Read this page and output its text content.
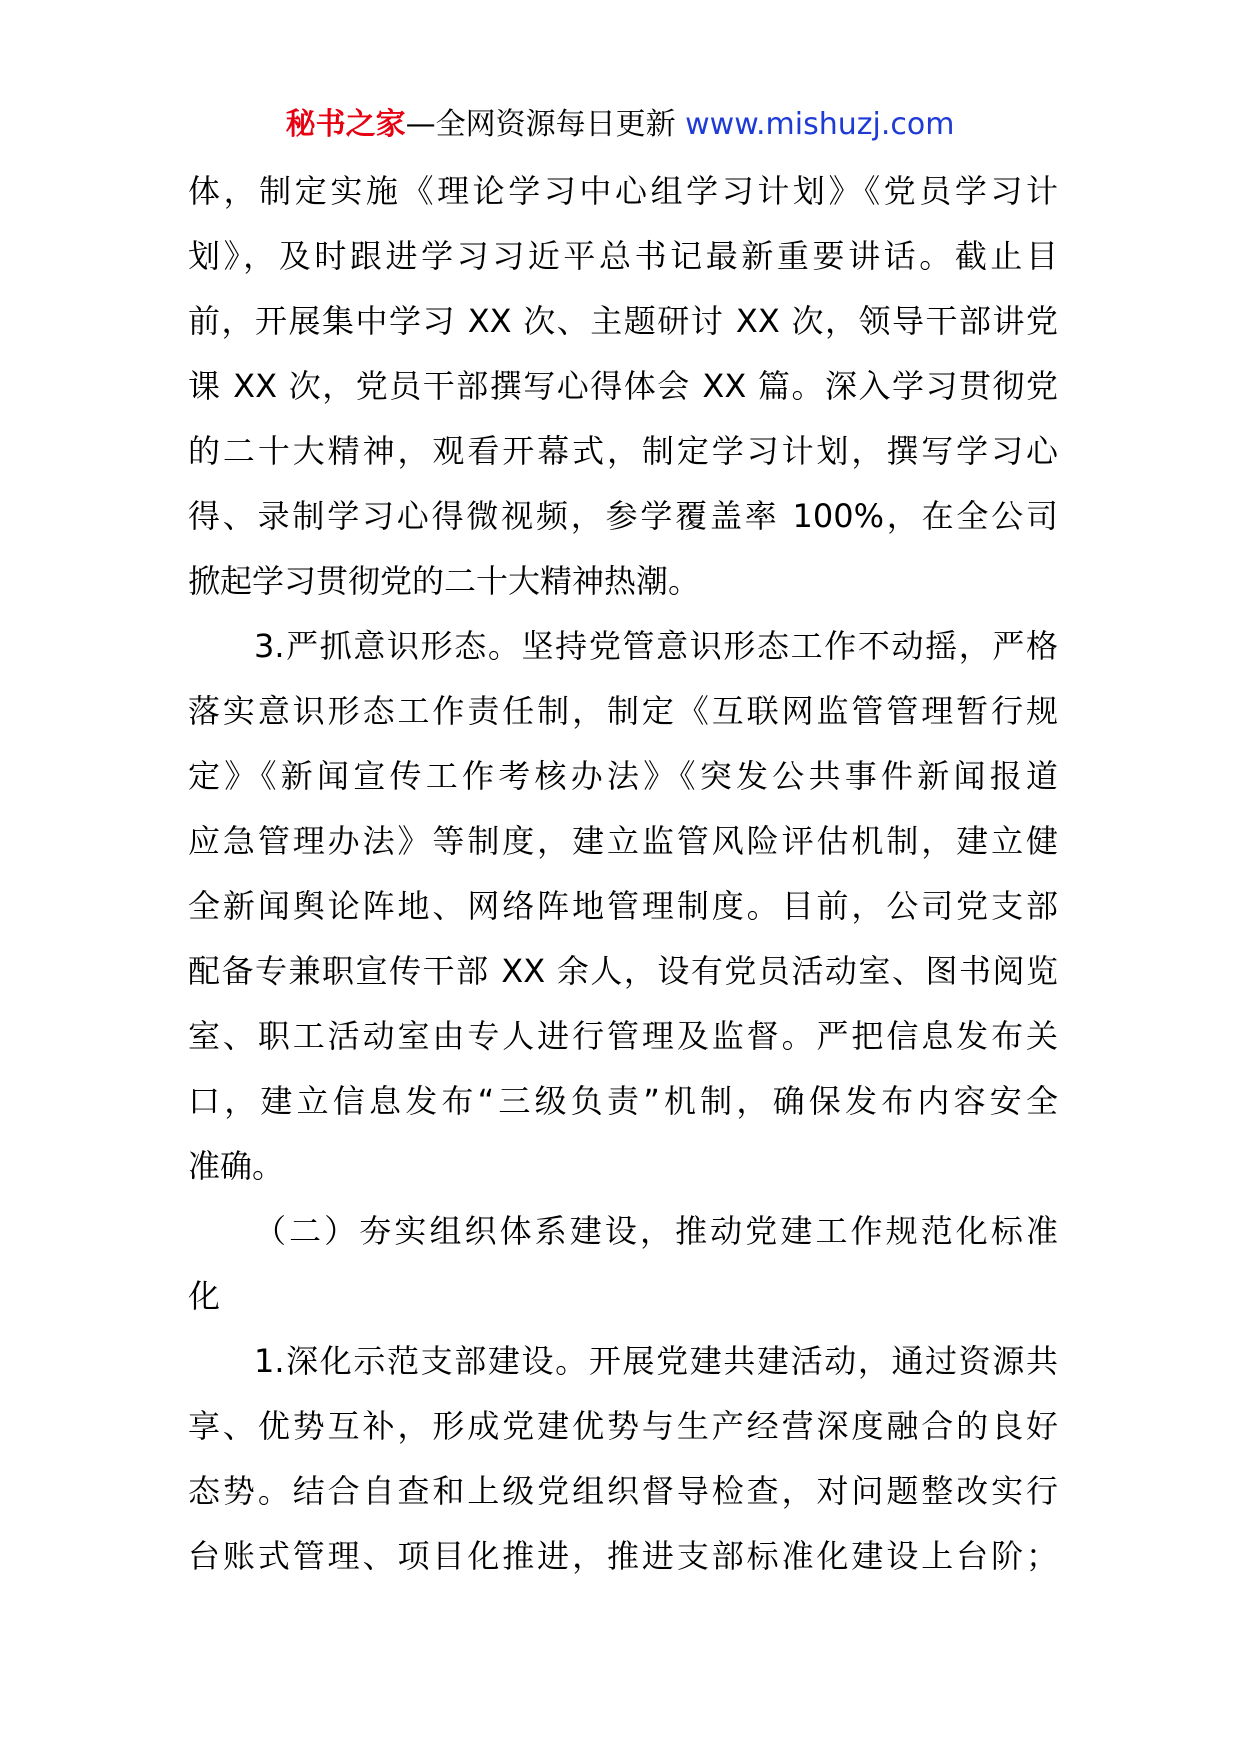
秘书之家—全网资源每日更新 www.mishuzj.com
体，制定实施《理论学习中心组学习计划》《党员学习计
划》，及时跟进学习习近平总书记最新重要讲话。截止目
前，开展集中学习 XX 次、主题研讨 XX 次，领导干部讲党
课 XX 次，党员干部撰写心得体会 XX 篇。深入学习贯彻党
的二十大精神，观看开幕式，制定学习计划，撰写学习心
得、录制学习心得微视频，参学覆盖率 100%，在全公司
掀起学习贯彻党的二十大精神热潮。
3.严抓意识形态。坚持党管意识形态工作不动摇，严格
落实意识形态工作责任制，制定《互联网监管管理暂行规
定》《新闻宣传工作考核办法》《突发公共事件新闻报道
应急管理办法》等制度，建立监管风险评估机制，建立健
全新闻舆论阵地、网络阵地管理制度。目前，公司党支部
配备专兼职宣传干部 XX 余人，设有党员活动室、图书阅览
室、职工活动室由专人进行管理及监督。严把信息发布关
口，建立信息发布“三级负责”机制，确保发布内容安全
准确。
（二）夯实组织体系建设，推动党建工作规范化标准
化
1.深化示范支部建设。开展党建共建活动，通过资源共
享、优势互补，形成党建优势与生产经营深度融合的良好
态势。结合自查和上级党组织督导检查，对问题整改实行
台账式管理、项目化推进，推进支部标准化建设上台阶；
